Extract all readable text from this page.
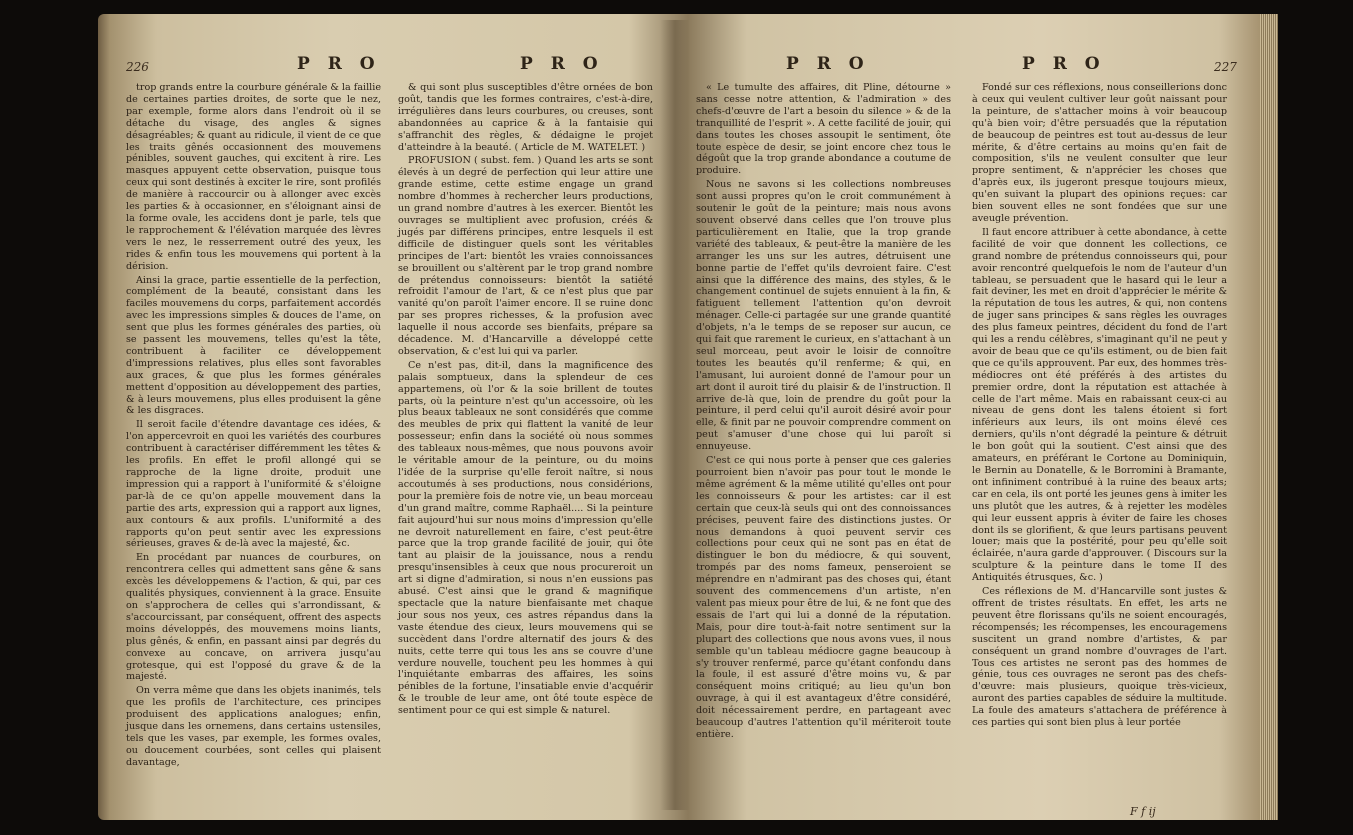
226	P R O	P R O

trop grands entre la courbure générale & la faillie de certaines parties droites, de sorte que le nez, par exemple, forme alors dans l'endroit où il se détache du visage, des angles & signes désagréables; & quant au ridicule, il vient de ce que les traits gênés occasionnent des mouvemens pénibles, souvent gauches, qui excitent à rire. Les masques appuyent cette observation, puisque tous ceux qui sont destinés à exciter le rire, sont profilés de manière à raccourcir ou à allonger avec excès les parties & à occasionner, en s'éloignant ainsi de la forme ovale, les accidens dont je parle, tels que le rapprochement & l'élévation marquée des lèvres vers le nez, le resserrement outré des yeux, les rides & enfin tous les mouvemens qui portent à la dérision.

Ainsi la grace, partie essentielle de la perfection, complément de la beauté, consistant dans les faciles mouvemens du corps, parfaitement accordés avec les impressions simples & douces de l'ame, on sent que plus les formes générales des parties, où se passent les mouvemens, telles qu'est la tête, contribuent à faciliter ce développement d'impressions relatives, plus elles sont favorables aux graces, & que plus les formes générales mettent d'opposition au développement des parties, & à leurs mouvemens, plus elles produisent la gêne & les disgraces.

Il seroit facile d'étendre davantage ces idées, & l'on appercevroit en quoi les variétés des courbures contribuent à caractériser différemment les têtes & les profils. En effet le profil allongé qui se rapproche de la ligne droite, produit une impression qui a rapport à l'uniformité & s'éloigne par-là de ce qu'on appelle mouvement dans la partie des arts, expression qui a rapport aux lignes, aux contours & aux profils. L'uniformité a des rapports qu'on peut sentir avec les expressions sérieuses, graves & de-là avec la majesté, &c.

En procédant par nuances de courbures, on rencontrera celles qui admettent sans gêne & sans excès les développemens & l'action, & qui, par ces qualités physiques, conviennent à la grace. Ensuite on s'approchera de celles qui s'arrondissant, & s'accourcissant, par conséquent, offrent des aspects moins développés, des mouvemens moins liants, plus gênés, & enfin, en passant ainsi par degrés du convexe au concave, on arrivera jusqu'au grotesque, qui est l'opposé du grave & de la majesté.

On verra même que dans les objets inanimés, tels que les profils de l'architecture, ces principes produisent des applications analogues; enfin, jusque dans les ornemens, dans certains ustensiles, tels que les vases, par exemple, les formes ovales, ou doucement courbées, sont celles qui plaisent davantage,

& qui sont plus susceptibles d'être ornées de bon goût, tandis que les formes contraires, c'est-à-dire, irrégulières dans leurs courbures, ou creuses, sont abandonnées au caprice & à la fantaisie qui s'affranchit des règles, & dédaigne le projet d'atteindre à la beauté. ( Article de M. WATELET. )

PROFUSION ( subst. fem. ) Quand les arts se sont élevés à un degré de perfection qui leur attire une grande estime, cette estime engage un grand nombre d'hommes à rechercher leurs productions, un grand nombre d'autres à les exercer. Bientôt les ouvrages se multiplient avec profusion, créés & jugés par différens principes, entre lesquels il est difficile de distinguer quels sont les véritables principes de l'art: bientôt les vraies connoissances se brouillent ou s'altèrent par le trop grand nombre de prétendus connoisseurs: bientôt la satiété refroidit l'amour de l'art, & ce n'est plus que par vanité qu'on paroît l'aimer encore. Il se ruine donc par ses propres richesses, & la profusion avec laquelle il nous accorde ses bienfaits, prépare sa décadence. M. d'Hancarville a développé cette observation, & c'est lui qui va parler.

Ce n'est pas, dit-il, dans la magnificence des palais somptueux, dans la splendeur de ces appartemens, où l'or & la soie brillent de toutes parts, où la peinture n'est qu'un accessoire, où les plus beaux tableaux ne sont considérés que comme des meubles de prix qui flattent la vanité de leur possesseur; enfin dans la société où nous sommes des tableaux nous-mêmes, que nous pouvons avoir le véritable amour de la peinture, ou du moins l'idée de la surprise qu'elle feroit naître, si nous accoutumés à ses productions, nous considérions, pour la première fois de notre vie, un beau morceau d'un grand maître, comme Raphaël.... Si la peinture fait aujourd'hui sur nous moins d'impression qu'elle ne devroit naturellement en faire, c'est peut-être parce que la trop grande facilité de jouir, qui ôte tant au plaisir de la jouissance, nous a rendu presqu'insensibles à ceux que nous procureroit un art si digne d'admiration, si nous n'en eussions pas abusé. C'est ainsi que le grand & magnifique spectacle que la nature bienfaisante met chaque jour sous nos yeux, ces astres répandus dans la vaste étendue des cieux, leurs mouvemens qui se succèdent dans l'ordre alternatif des jours & des nuits, cette terre qui tous les ans se couvre d'une verdure nouvelle, touchent peu les hommes à qui l'inquiétante embarras des affaires, les soins pénibles de la fortune, l'insatiable envie d'acquérir & le trouble de leur ame, ont ôté toute espèce de sentiment pour ce qui est simple & naturel.

P R O	P R O	227

« Le tumulte des affaires, dit Pline, détourne » sans cesse notre attention, & l'admiration » des chefs-d'œuvre de l'art a besoin du silence » & de la tranquillité de l'esprit ». A cette facilité de jouir, qui dans toutes les choses assoupit le sentiment, ôte toute espèce de desir, se joint encore chez tous le dégoût que la trop grande abondance a coutume de produire.

Nous ne savons si les collections nombreuses sont aussi propres qu'on le croit communément à soutenir le goût de la peinture; mais nous avons souvent observé dans celles que l'on trouve plus particulièrement en Italie, que la trop grande variété des tableaux, & peut-être la manière de les arranger les uns sur les autres, détruisent une bonne partie de l'effet qu'ils devroient faire. C'est ainsi que la différence des mains, des styles, & le changement continuel de sujets ennuient à la fin, & fatiguent tellement l'attention qu'on devroit ménager. Celle-ci partagée sur une grande quantité d'objets, n'a le temps de se reposer sur aucun, ce qui fait que rarement le curieux, en s'attachant à un seul morceau, peut avoir le loisir de connoître toutes les beautés qu'il renferme; & qui, en l'amusant, lui auroient donné de l'amour pour un art dont il auroit tiré du plaisir & de l'instruction. Il arrive de-là que, loin de prendre du goût pour la peinture, il perd celui qu'il auroit désiré avoir pour elle, & finit par ne pouvoir comprendre comment on peut s'amuser d'une chose qui lui paroît si ennuyeuse.

C'est ce qui nous porte à penser que ces galeries pourroient bien n'avoir pas pour tout le monde le même agrément & la même utilité qu'elles ont pour les connoisseurs & pour les artistes: car il est certain que ceux-là seuls qui ont des connoissances précises, peuvent faire des distinctions justes. Or nous demandons à quoi peuvent servir ces collections pour ceux qui ne sont pas en état de distinguer le bon du médiocre, & qui souvent, trompés par des noms fameux, penseroient se méprendre en n'admirant pas des choses qui, étant souvent des commencemens d'un artiste, n'en valent pas mieux pour être de lui, & ne font que des essais de l'art qui lui a donné de la réputation. Mais, pour dire tout-à-fait notre sentiment sur la plupart des collections que nous avons vues, il nous semble qu'un tableau médiocre gagne beaucoup à s'y trouver renfermé, parce qu'étant confondu dans la foule, il est assuré d'être moins vu, & par conséquent moins critiqué; au lieu qu'un bon ouvrage, à qui il est avantageux d'être considéré, doit nécessairement perdre, en partageant avec beaucoup d'autres l'attention qu'il mériteroit toute entière.

Fondé sur ces réflexions, nous conseillerions donc à ceux qui veulent cultiver leur goût naissant pour la peinture, de s'attacher moins à voir beaucoup qu'à bien voir; d'être persuadés que la réputation de beaucoup de peintres est tout au-dessus de leur mérite, & d'être certains au moins qu'en fait de composition, s'ils ne veulent consulter que leur propre sentiment, & n'apprécier les choses que d'après eux, ils jugeront presque toujours mieux, qu'en suivant la plupart des opinions reçues: car bien souvent elles ne sont fondées que sur une aveugle prévention.

Il faut encore attribuer à cette abondance, à cette facilité de voir que donnent les collections, ce grand nombre de prétendus connoisseurs qui, pour avoir rencontré quelquefois le nom de l'auteur d'un tableau, se persuadent que le hasard qui le leur a fait deviner, les met en droit d'apprécier le mérite & la réputation de tous les autres, & qui, non contens de juger sans principes & sans règles les ouvrages des plus fameux peintres, décident du fond de l'art qui les a rendu célèbres, s'imaginant qu'il ne peut y avoir de beau que ce qu'ils estiment, ou de bien fait que ce qu'ils approuvent. Par eux, des hommes très-médiocres ont été préférés à des artistes du premier ordre, dont la réputation est attachée à celle de l'art même. Mais en rabaissant ceux-ci au niveau de gens dont les talens étoient si fort inférieurs aux leurs, ils ont moins élevé ces derniers, qu'ils n'ont dégradé la peinture & détruit le bon goût qui la soutient. C'est ainsi que des amateurs, en préférant le Cortone au Dominiquin, le Bernin au Donatelle, & le Borromini à Bramante, ont infiniment contribué à la ruine des beaux arts; car en cela, ils ont porté les jeunes gens à imiter les uns plutôt que les autres, & à rejetter les modèles qui leur eussent appris à éviter de faire les choses dont ils se glorifient, & que leurs partisans peuvent louer; mais que la postérité, pour peu qu'elle soit éclairée, n'aura garde d'approuver. ( Discours sur la sculpture & la peinture dans le tome II des Antiquités étrusques, &c. )

Ces réflexions de M. d'Hancarville sont justes & offrent de tristes résultats. En effet, les arts ne peuvent être florissans qu'ils ne soient encouragés, récompensés; les récompenses, les encouragemens suscitent un grand nombre d'artistes, & par conséquent un grand nombre d'ouvrages de l'art. Tous ces artistes ne seront pas des hommes de génie, tous ces ouvrages ne seront pas des chefs-d'œuvre: mais plusieurs, quoique très-vicieux, auront des parties capables de séduire la multitude. La foule des amateurs s'attachera de préférence à ces parties qui sont bien plus à leur portée

F f ij
